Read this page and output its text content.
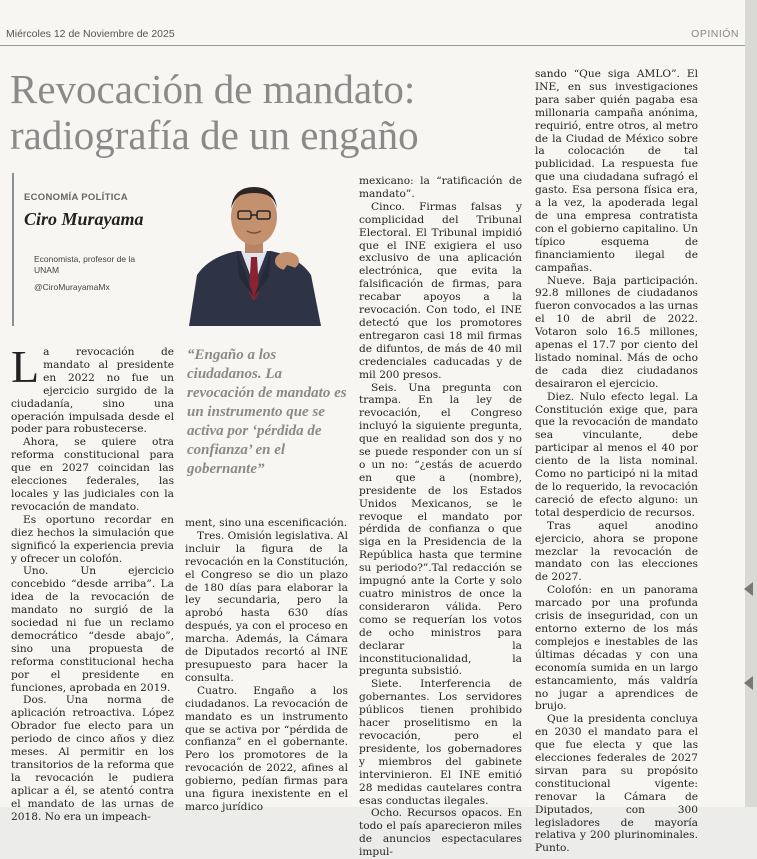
Miércoles 12 de Noviembre de 2025	OPINIÓN
Revocación de mandato: radiografía de un engaño
ECONOMÍA POLÍTICA
Ciro Murayama
Economista, profesor de la UNAM
@CiroMurayamaMx

La revocación de mandato al presidente en 2022 no fue un ejercicio surgido de la ciudadanía, sino una operación impulsada desde el poder para robustecerse.

Ahora, se quiere otra reforma constitucional para que en 2027 coincidan las elecciones federales, las locales y las judiciales con la revocación de mandato.

Es oportuno recordar en diez hechos la simulación que significó la experiencia previa y ofrecer un colofón.

Uno. Un ejercicio concebido “desde arriba”. La idea de la revocación de mandato no surgió de la sociedad ni fue un reclamo democrático “desde abajo”, sino una propuesta de reforma constitucional hecha por el presidente en funciones, aprobada en 2019.

Dos. Una norma de aplicación retroactiva. López Obrador fue electo para un periodo de cinco años y diez meses. Al permitir en los transitorios de la reforma que la revocación le pudiera aplicar a él, se atentó contra el mandato de las urnas de 2018. No era un impeach-

“Engaño a los ciudadanos. La revocación de mandato es un instrumento que se activa por ‘pérdida de confianza’ en el gobernante”

ment, sino una escenificación.

Tres. Omisión legislativa. Al incluir la figura de la revocación en la Constitución, el Congreso se dio un plazo de 180 días para elaborar la ley secundaria, pero la aprobó hasta 630 días después, ya con el proceso en marcha. Además, la Cámara de Diputados recortó al INE presupuesto para hacer la consulta.

Cuatro. Engaño a los ciudadanos. La revocación de mandato es un instrumento que se activa por “pérdida de confianza” en el gobernante. Pero los promotores de la revocación de 2022, afines al gobierno, pedían firmas para una figura inexistente en el marco jurídico

mexicano: la “ratificación de mandato”.

Cinco. Firmas falsas y complicidad del Tribunal Electoral. El Tribunal impidió que el INE exigiera el uso exclusivo de una aplicación electrónica, que evita la falsificación de firmas, para recabar apoyos a la revocación. Con todo, el INE detectó que los promotores entregaron casi 18 mil firmas de difuntos, de más de 40 mil credenciales caducadas y de mil 200 presos.

Seis. Una pregunta con trampa. En la ley de revocación, el Congreso incluyó la siguiente pregunta, que en realidad son dos y no se puede responder con un sí o un no: “¿estás de acuerdo en que a (nombre), presidente de los Estados Unidos Mexicanos, se le revoque el mandato por pérdida de confianza o que siga en la Presidencia de la República hasta que termine su periodo?”.Tal redacción se impugnó ante la Corte y solo cuatro ministros de once la consideraron válida. Pero como se requerían los votos de ocho ministros para declarar la inconstitucionalidad, la pregunta subsistió.

Siete. Interferencia de gobernantes. Los servidores públicos tienen prohibido hacer proselitismo en la revocación, pero el presidente, los gobernadores y miembros del gabinete intervinieron. El INE emitió 28 medidas cautelares contra esas conductas ilegales.

Ocho. Recursos opacos. En todo el país aparecieron miles de anuncios espectaculares impul-

sando “Que siga AMLO”. El INE, en sus investigaciones para saber quién pagaba esa millonaria campaña anónima, requirió, entre otros, al metro de la Ciudad de México sobre la colocación de tal publicidad. La respuesta fue que una ciudadana sufragó el gasto. Esa persona física era, a la vez, la apoderada legal de una empresa contratista con el gobierno capitalino. Un típico esquema de financiamiento ilegal de campañas.

Nueve. Baja participación. 92.8 millones de ciudadanos fueron convocados a las urnas el 10 de abril de 2022. Votaron solo 16.5 millones, apenas el 17.7 por ciento del listado nominal. Más de ocho de cada diez ciudadanos desairaron el ejercicio.

Diez. Nulo efecto legal. La Constitución exige que, para que la revocación de mandato sea vinculante, debe participar al menos el 40 por ciento de la lista nominal. Como no participó ni la mitad de lo requerido, la revocación careció de efecto alguno: un total desperdicio de recursos.

Tras aquel anodino ejercicio, ahora se propone mezclar la revocación de mandato con las elecciones de 2027.

Colofón: en un panorama marcado por una profunda crisis de inseguridad, con un entorno externo de los más complejos e inestables de las últimas décadas y con una economía sumida en un largo estancamiento, más valdría no jugar a aprendices de brujo.

Que la presidenta concluya en 2030 el mandato para el que fue electa y que las elecciones federales de 2027 sirvan para su propósito constitucional vigente: renovar la Cámara de Diputados, con 300 legisladores de mayoría relativa y 200 plurinominales. Punto.
